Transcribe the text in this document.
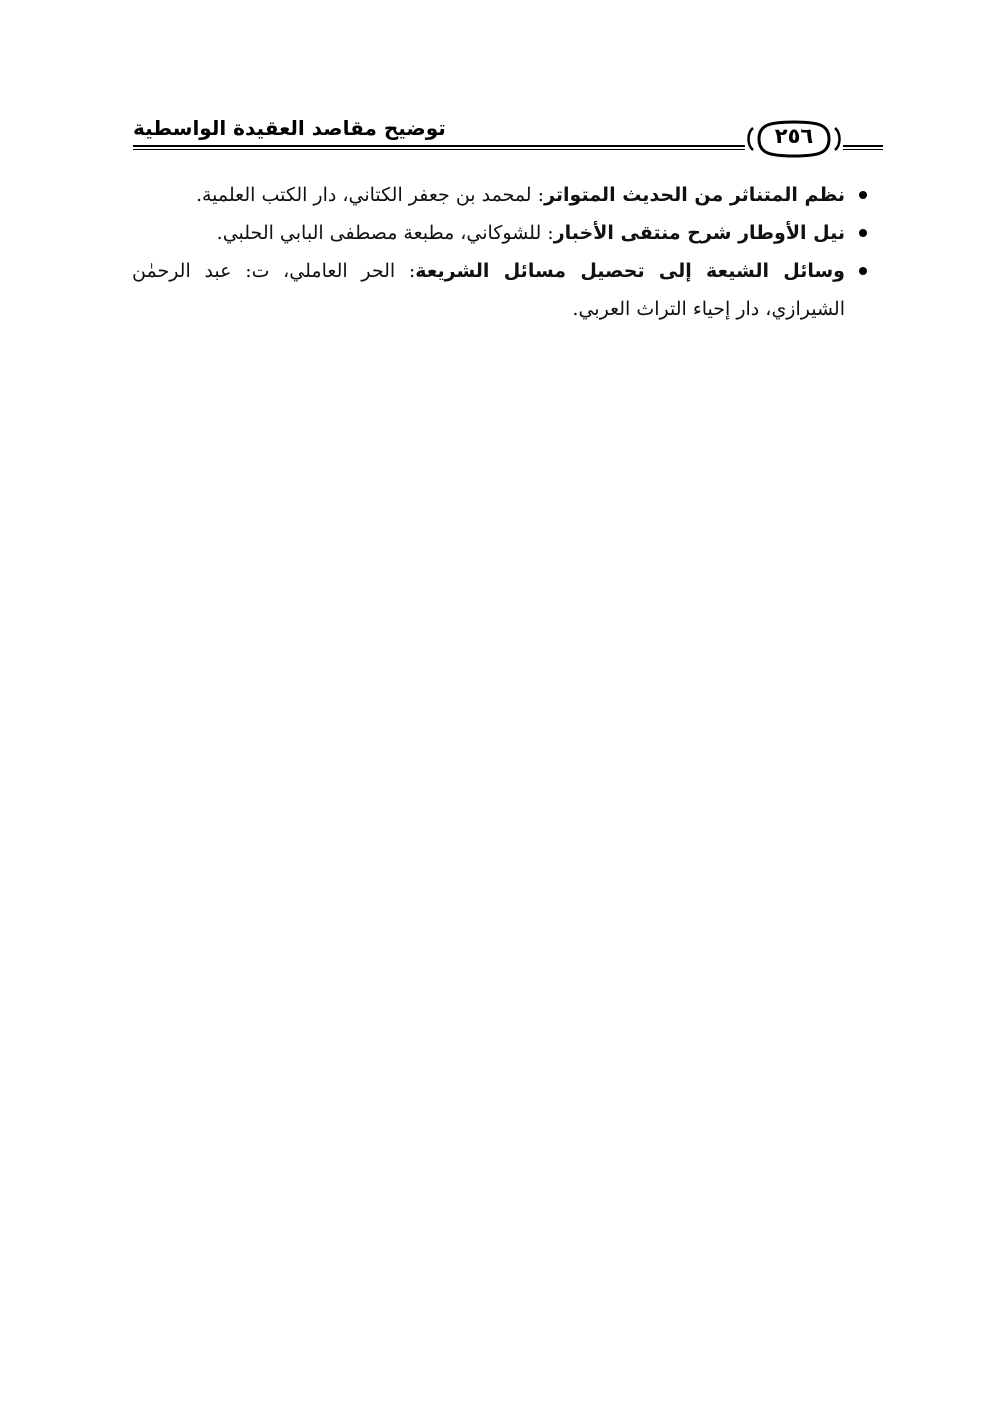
توضيح مقاصد العقيدة الواسطية	٢٥٦
نظم المتناثر من الحديث المتواتر: لمحمد بن جعفر الكتاني، دار الكتب العلمية.
نيل الأوطار شرح منتقى الأخبار: للشوكاني، مطبعة مصطفى البابي الحلبي.
وسائل الشيعة إلى تحصيل مسائل الشريعة: الحر العاملي، ت: عبد الرحمٰن الشيرازي، دار إحياء التراث العربي.
